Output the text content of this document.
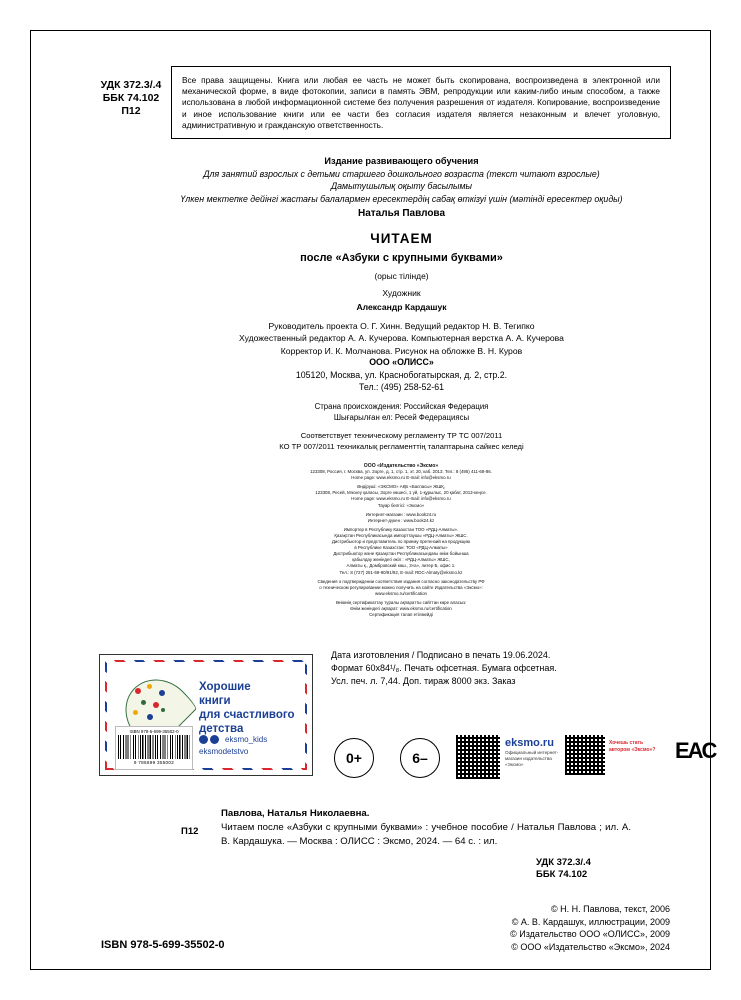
УДК 372.3/.4
ББК 74.102
П12
Все права защищены. Книга или любая ее часть не может быть скопирована, воспроизведена в электронной или механической форме, в виде фотокопии, записи в память ЭВМ, репродукции или каким-либо иным способом, а также использована в любой информационной системе без получения разрешения от издателя. Копирование, воспроизведение и иное использование книги или ее части без согласия издателя является незаконным и влечет уголовную, административную и гражданскую ответственность.
Издание развивающего обучения
Для занятий взрослых с детьми старшего дошкольного возраста (текст читают взрослые)
Дамытушылық оқыту басылымы
Үлкен мектепке дейінгі жастағы балалармен ересектердің сабақ өткізуі үшін (мәтінді ересектер оқиды)
Наталья Павлова
ЧИТАЕМ
после «Азбуки с крупными буквами»
(орыс тілінде)
Художник
Александр Кардашук
Руководитель проекта О. Г. Хинн. Ведущий редактор Н. В. Тегипко
Художественный редактор А. А. Кучерова. Компьютерная верстка А. А. Кучерова
Корректор И. К. Молчанова. Рисунок на обложке В. Н. Куров
ООО «ОЛИСС»
105120, Москва, ул. Краснобогатырская, д. 2, стр.2.
Тел.: (495) 258-52-61
Страна происхождения: Российская Федерация
Шығарылған ел: Ресей Федерациясы
Соответствует техническому регламенту ТР ТС 007/2011
КО ТР 007/2011 техникалық регламенттің талаптарына сайкес келеді
ООО «Издательство «Эксмо»
123308, Россия, г. Москва, ул. Зорге, д. 1, стр. 1, эт. 20, каб. 2013. Тел.: 8 (495) 411-68-86.
Home page: www.eksmo.ru E-mail: info@eksmo.ru
Өндіруші: «ЭКСМО» АҚБ «Баспасы» ЖШҚ,
123308, Ресей, Мәскеу қаласы, Зорге көшесі, 1 үй, 1-құрылыс, 20 қабат, 2013-кеңсе.
Home page: www.eksmo.ru E-mail: info@eksmo.ru
Тауар белгісі: «Эксмо»
Интернет-магазин : www.book24.ru
Интернет-дүкен : www.book24.kz
Импортер в Республику Казахстан ТОО «РДЦ-Алматы».
Қазақстан Республикасында импорттаушы «РДЦ-Алматы» ЖШС.
Дистрибьютор и представитель по приему претензий на продукцию
в Республике Казахстан: ТОО «РДЦ-Алматы»
Дистрибьютор және Қазақстан Республикасындағы өнім бойынша
қабылдау жөніндегі өкіл : «РДЦ-Алматы» ЖШС,
Алматы қ., Домбровский көш., 3«а», литер Б, офис 1.
Тел.: 8 (727) 251-59-90/91/92, E-mail: RDC-Almaty@eksmo.kz
Сведения о подтверждении соответствия издания согласно законодательству РФ
о техническом регулировании можно получить на сайте Издательства «Эксмо»:
www.eksmo.ru/certification
Өнімнің сертификаттау туралы ақпаратты сайттан көре аласыз:
Өнім жөніндегі ақпарат: www.eksmo.ru/certification
Сертификация талап етілмейді
Дата изготовления / Подписано в печать 19.06.2024.
Формат 60х84¹/₈. Печать офсетная. Бумага офсетная.
Усл. печ. л. 7,44. Доп. тираж 8000 экз. Заказ
Хорошие
книги
для счастливого
детства
eksmo_kids
eksmodetstvo
ISBN 978-5-699-35502-0
9 785699 355002	0+	6–
eksmo.ru
Официальный интернет-магазин издательства «Эксмо»
Хочешь стать автором «Эксмо»? EAC
П12
Павлова, Наталья Николаевна.
Читаем после «Азбуки с крупными буквами» : учебное пособие / Наталья Павлова ; ил. А. В. Кардашука. — Москва : ОЛИСС : Эксмо, 2024. — 64 с. : ил.
УДК 372.3/.4
ББК 74.102
© Н. Н. Павлова, текст, 2006
© А. В. Кардашук, иллюстрации, 2009
© Издательство ООО «ОЛИСС», 2009
© ООО «Издательство «Эксмо», 2024
ISBN 978-5-699-35502-0
